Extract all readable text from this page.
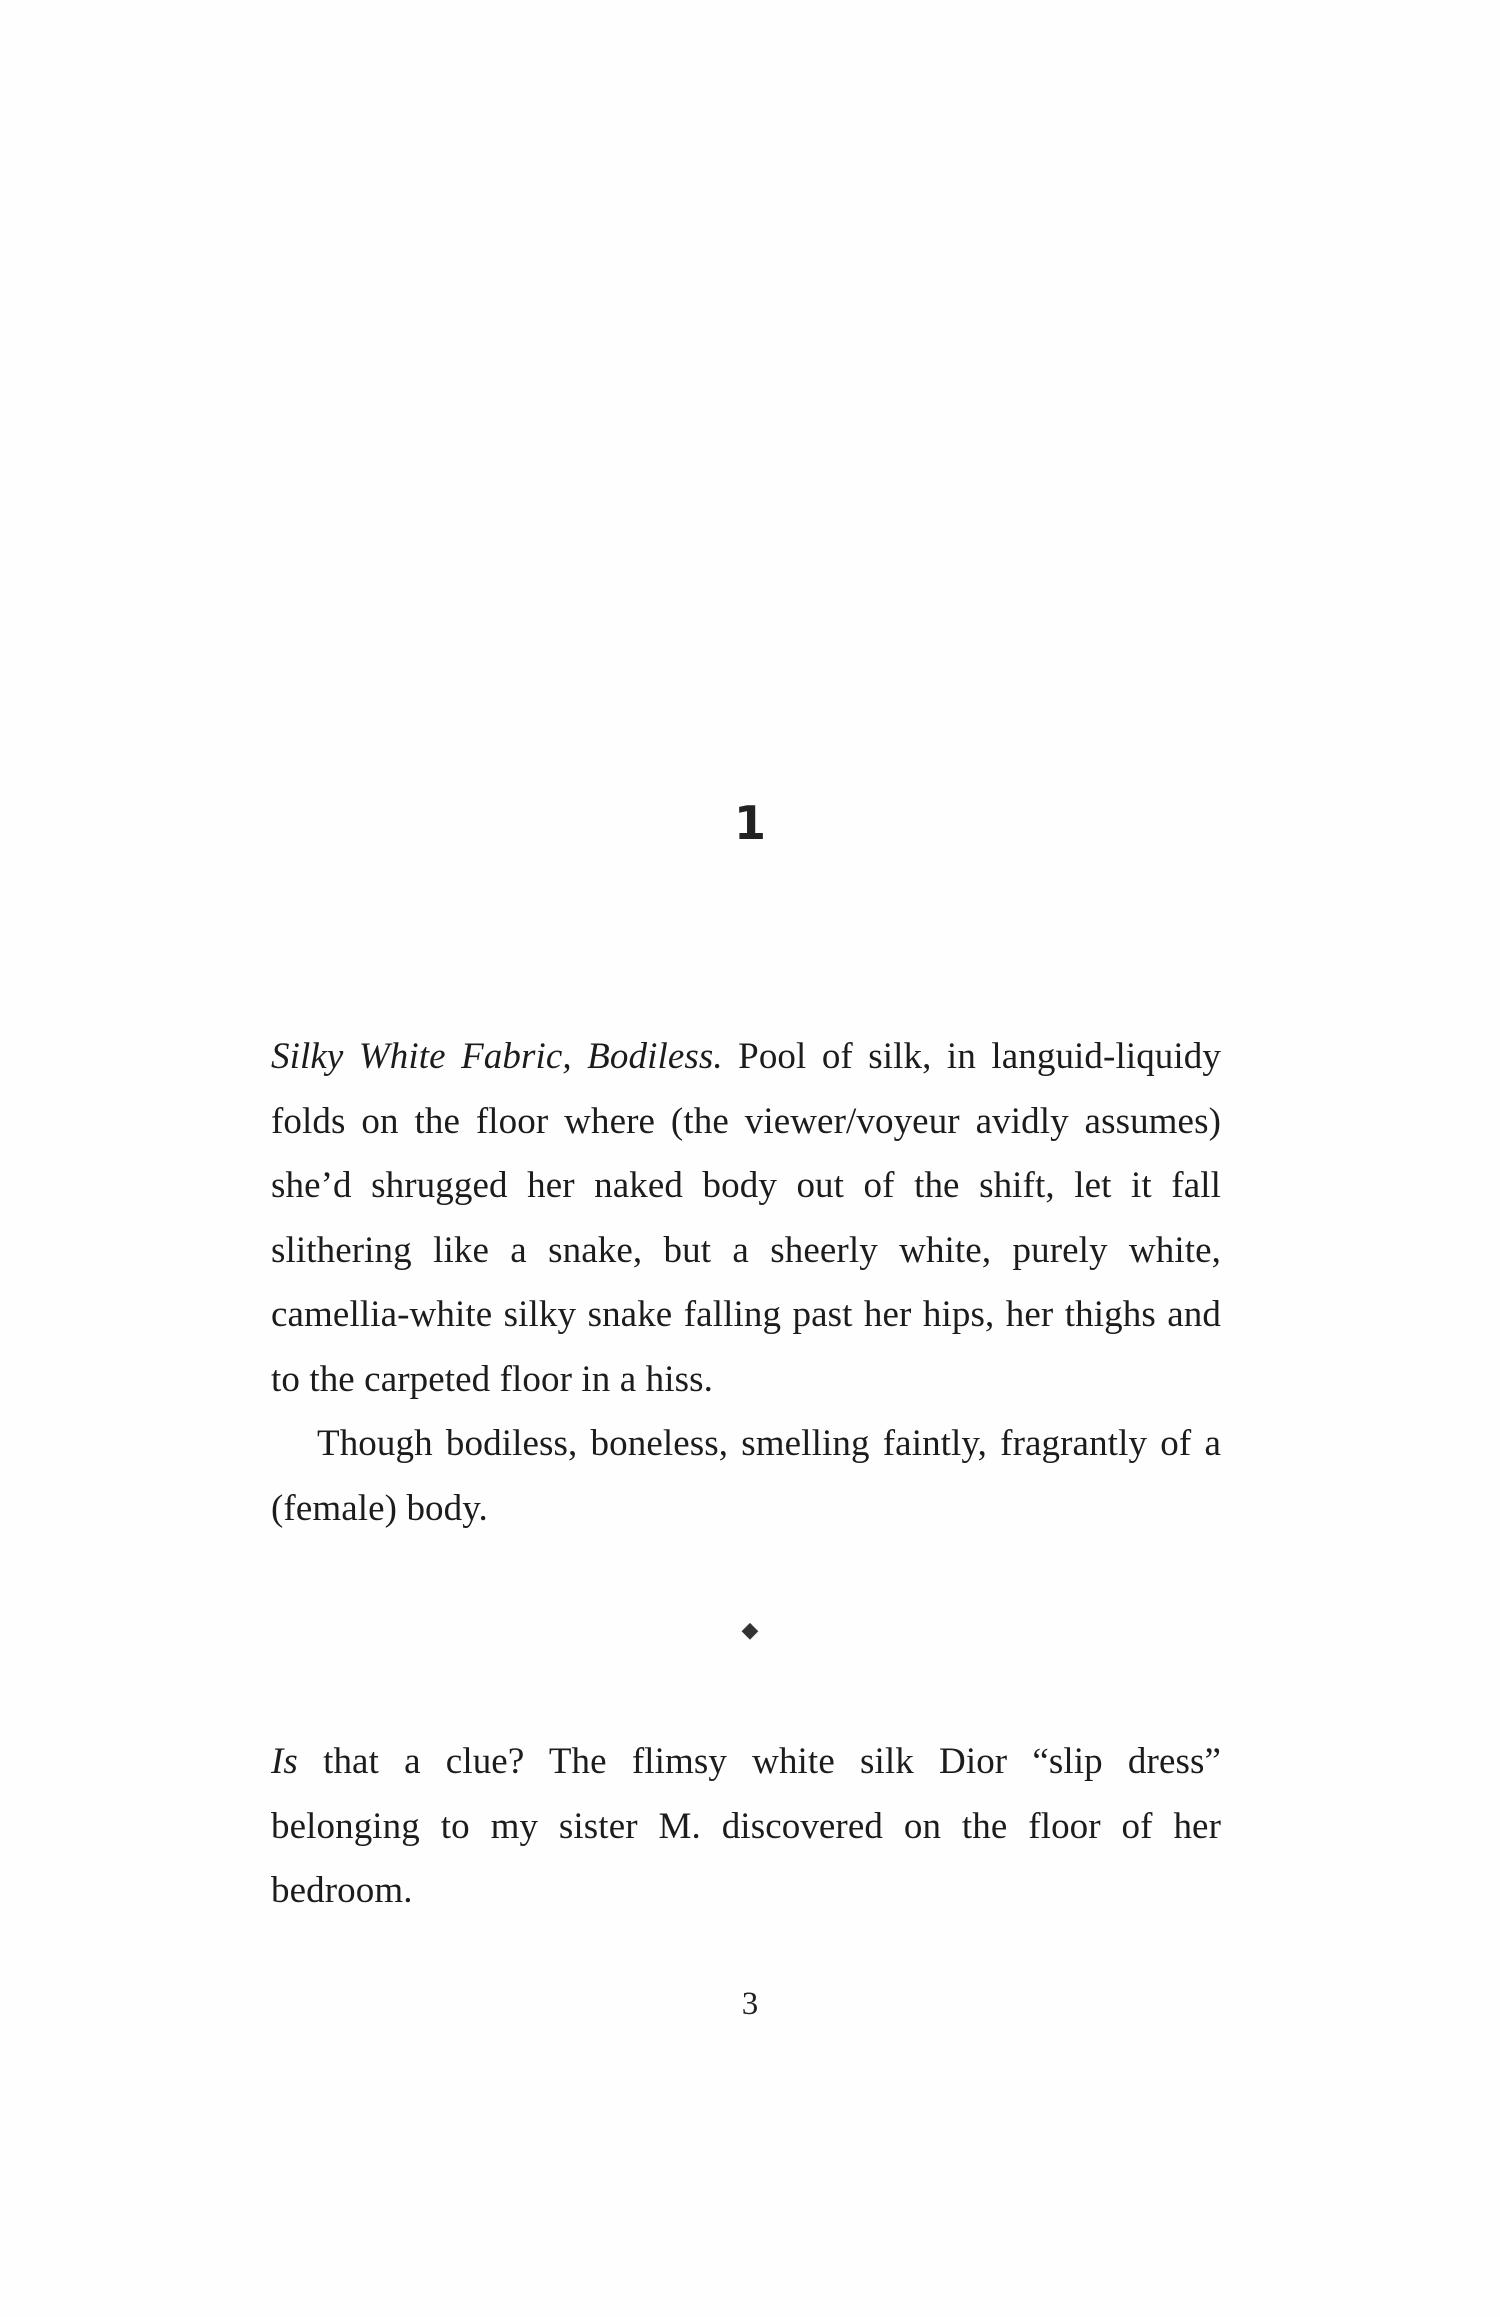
1

Silky White Fabric, Bodiless. Pool of silk, in languid-liquidy folds on the floor where (the viewer/voyeur avidly assumes) she’d shrugged her naked body out of the shift, let it fall slithering like a snake, but a sheerly white, purely white, camellia-white silky snake falling past her hips, her thighs and to the carpeted floor in a hiss.

Though bodiless, boneless, smelling faintly, fragrantly of a (female) body.

◆

Is that a clue? The flimsy white silk Dior “slip dress” belonging to my sister M. discovered on the floor of her bedroom.

3
